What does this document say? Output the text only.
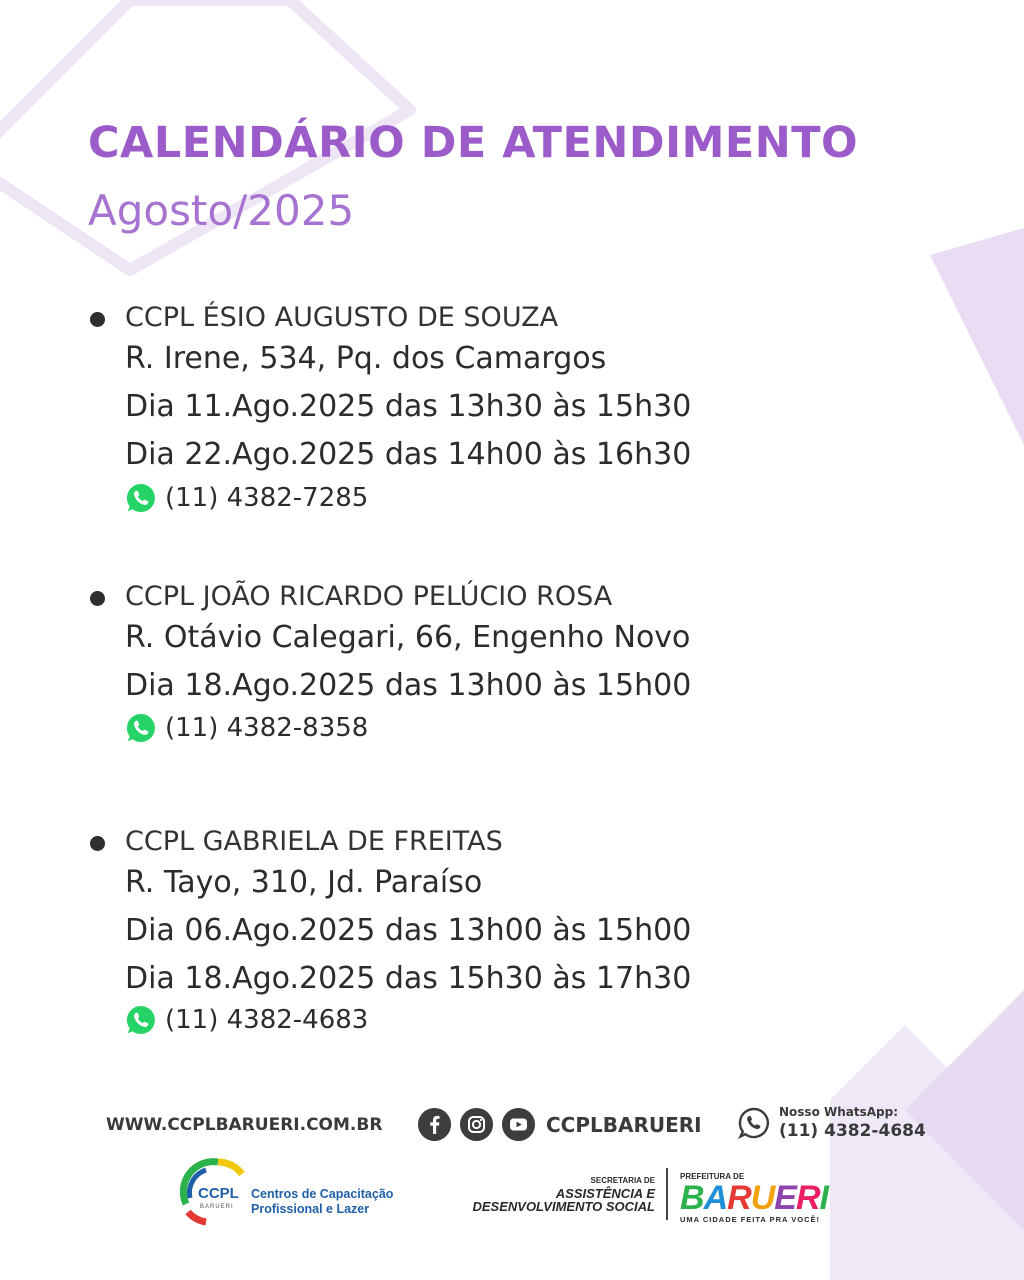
CALENDÁRIO DE ATENDIMENTO
Agosto/2025
CCPL ÉSIO AUGUSTO DE SOUZA
R. Irene, 534, Pq. dos Camargos
Dia 11.Ago.2025 das 13h30 às 15h30
Dia 22.Ago.2025 das 14h00 às 16h30
(11) 4382-7285
CCPL JOÃO RICARDO PELÚCIO ROSA
R. Otávio Calegari, 66, Engenho Novo
Dia 18.Ago.2025 das 13h00 às 15h00
(11) 4382-8358
CCPL GABRIELA DE FREITAS
R. Tayo, 310, Jd. Paraíso
Dia 06.Ago.2025 das 13h00 às 15h00
Dia 18.Ago.2025 das 15h30 às 17h30
(11) 4382-4683
WWW.CCPLBARUERI.COM.BR	CCPLBARUERI
Nosso WhatsApp:
(11) 4382-4684
CCPL
BARUERI
Centros de Capacitação
Profissional e Lazer
SECRETARIA DE
ASSISTÊNCIA E
DESENVOLVIMENTO SOCIAL
PREFEITURA DE
BARUERI
UMA CIDADE FEITA PRA VOCÊ!
